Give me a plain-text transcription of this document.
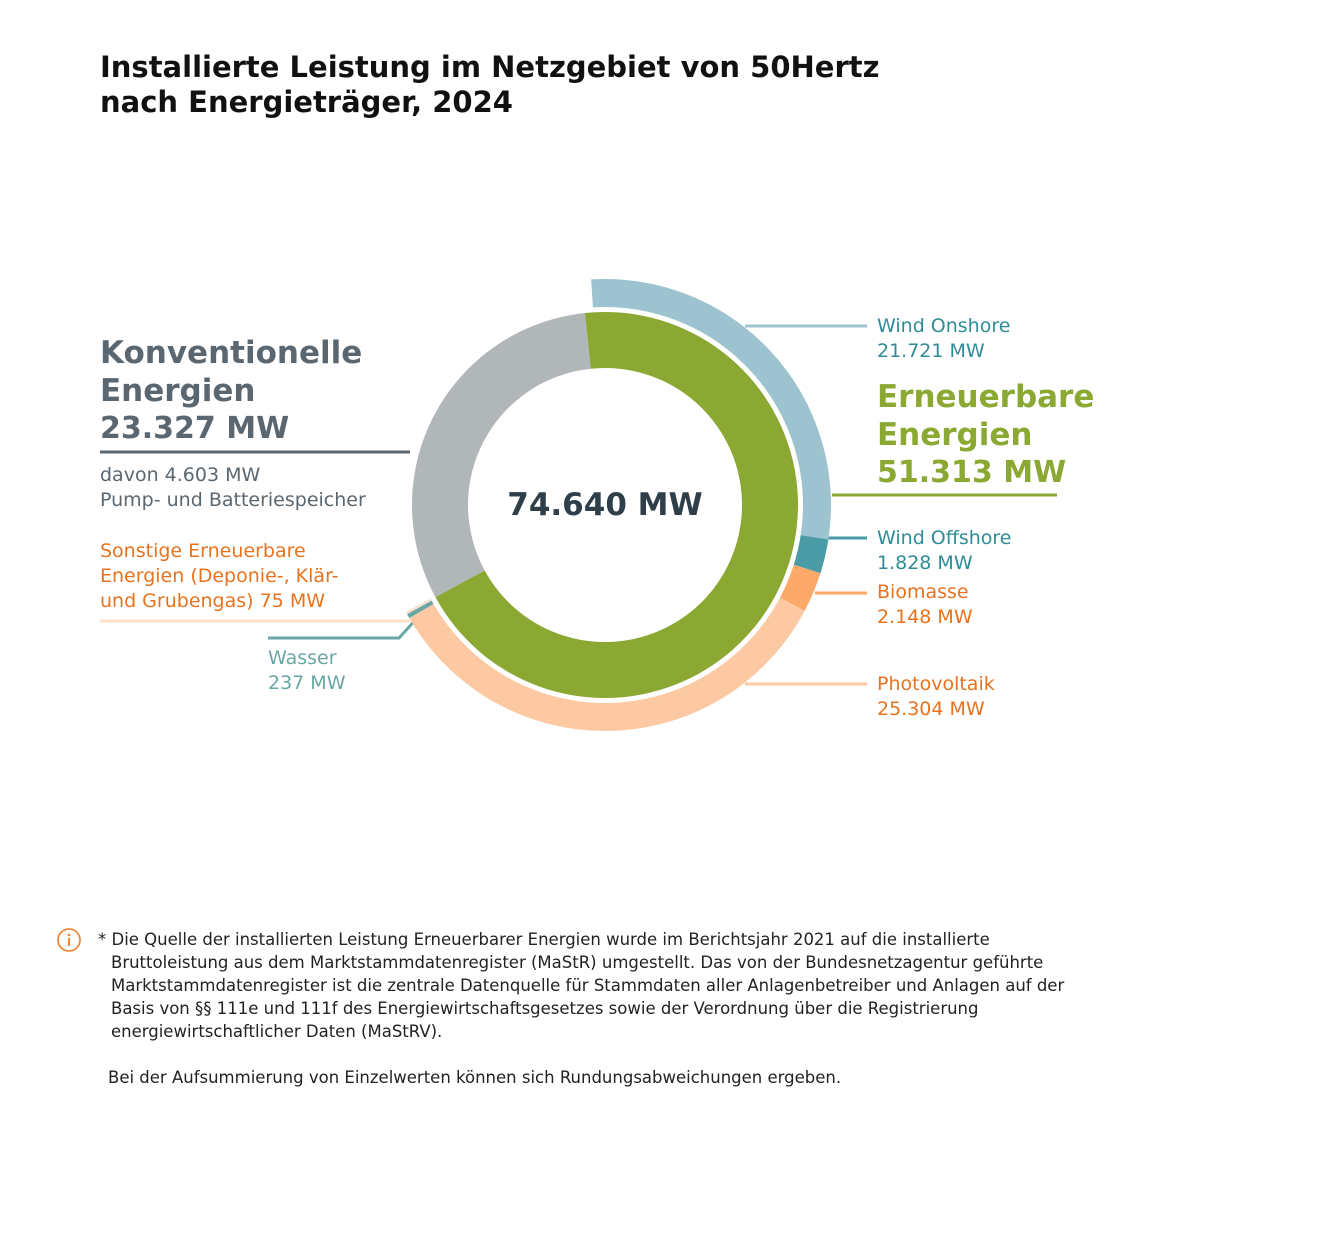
Installierte Leistung im Netzgebiet von 50Hertz
nach Energieträger, 2024
74.640 MW
Konventionelle
Energien
23.327 MW
davon 4.603 MW
Pump- und Batteriespeicher
Sonstige Erneuerbare
Energien (Deponie-, Klär-
und Grubengas) 75 MW
Wasser
237 MW
Wind Onshore
21.721 MW
Erneuerbare
Energien
51.313 MW
Wind Offshore
1.828 MW
Biomasse
2.148 MW
Photovoltaik
25.304 MW

* Die Quelle der installierten Leistung Erneuerbarer Energien wurde im Berichtsjahr 2021 auf die installierte Bruttoleistung aus dem Marktstammdatenregister (MaStR) umgestellt. Das von der Bundesnetzagentur geführte Marktstammdatenregister ist die zentrale Datenquelle für Stammdaten aller Anlagenbetreiber und Anlagen auf der Basis von §§ 111e und 111f des Energiewirtschaftsgesetzes sowie der Verordnung über die Registrierung energiewirtschaftlicher Daten (MaStRV).

Bei der Aufsummierung von Einzelwerten können sich Rundungsabweichungen ergeben.
